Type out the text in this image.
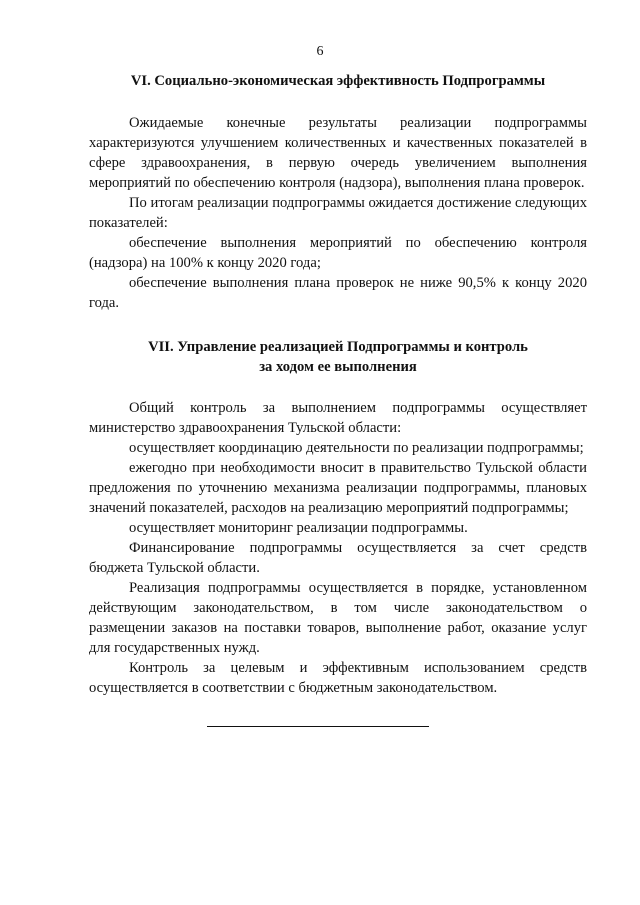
6
VI. Социально-экономическая эффективность Подпрограммы

Ожидаемые конечные результаты реализации подпрограммы характеризуются улучшением количественных и качественных показателей в сфере здравоохранения, в первую очередь увеличением выполнения мероприятий по обеспечению контроля (надзора), выполнения плана проверок.

По итогам реализации подпрограммы ожидается достижение следующих показателей:

обеспечение выполнения мероприятий по обеспечению контроля (надзора) на 100% к концу 2020 года;

обеспечение выполнения плана проверок не ниже 90,5% к концу 2020 года.

VII. Управление реализацией Подпрограммы и контроль
за ходом ее выполнения

Общий контроль за выполнением подпрограммы осуществляет министерство здравоохранения Тульской области:

осуществляет координацию деятельности по реализации подпрограммы;

ежегодно при необходимости вносит в правительство Тульской области предложения по уточнению механизма реализации подпрограммы, плановых значений показателей, расходов на реализацию мероприятий подпрограммы;

осуществляет мониторинг реализации подпрограммы.

Финансирование подпрограммы осуществляется за счет средств бюджета Тульской области.

Реализация подпрограммы осуществляется в порядке, установленном действующим законодательством, в том числе законодательством о размещении заказов на поставки товаров, выполнение работ, оказание услуг для государственных нужд.

Контроль за целевым и эффективным использованием средств осуществляется в соответствии с бюджетным законодательством.
